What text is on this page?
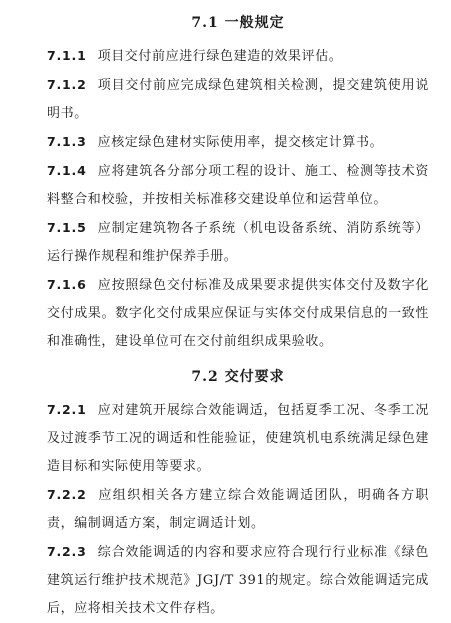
7.1 一般规定

7.1.1 项目交付前应进行绿色建造的效果评估。

7.1.2 项目交付前应完成绿色建筑相关检测，提交建筑使用说明书。

7.1.3 应核定绿色建材实际使用率，提交核定计算书。

7.1.4 应将建筑各分部分项工程的设计、施工、检测等技术资料整合和校验，并按相关标准移交建设单位和运营单位。

7.1.5 应制定建筑物各子系统（机电设备系统、消防系统等）运行操作规程和维护保养手册。

7.1.6 应按照绿色交付标准及成果要求提供实体交付及数字化交付成果。数字化交付成果应保证与实体交付成果信息的一致性和准确性，建设单位可在交付前组织成果验收。

7.2 交付要求

7.2.1 应对建筑开展综合效能调适，包括夏季工况、冬季工况及过渡季节工况的调适和性能验证，使建筑机电系统满足绿色建造目标和实际使用等要求。

7.2.2 应组织相关各方建立综合效能调适团队，明确各方职责，编制调适方案，制定调适计划。

7.2.3 综合效能调适的内容和要求应符合现行行业标准《绿色建筑运行维护技术规范》JGJ/T 391的规定。综合效能调适完成后，应将相关技术文件存档。
